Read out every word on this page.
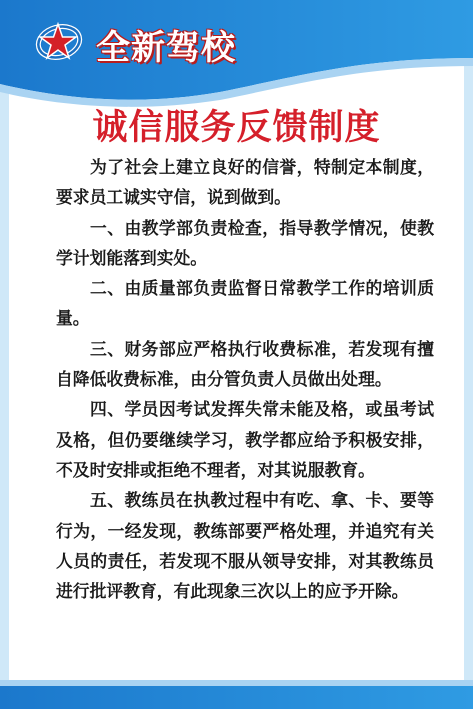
全新驾校
诚信服务反馈制度

为了社会上建立良好的信誉，特制定本制度，要求员工诚实守信，说到做到。

一、由教学部负责检查，指导教学情况，使教学计划能落到实处。

二、由质量部负责监督日常教学工作的培训质量。

三、财务部应严格执行收费标准，若发现有擅自降低收费标准，由分管负责人员做出处理。

四、学员因考试发挥失常未能及格，或虽考试及格，但仍要继续学习，教学都应给予积极安排，不及时安排或拒绝不理者，对其说服教育。

五、教练员在执教过程中有吃、拿、卡、要等行为，一经发现，教练部要严格处理，并追究有关人员的责任，若发现不服从领导安排，对其教练员进行批评教育，有此现象三次以上的应予开除。
